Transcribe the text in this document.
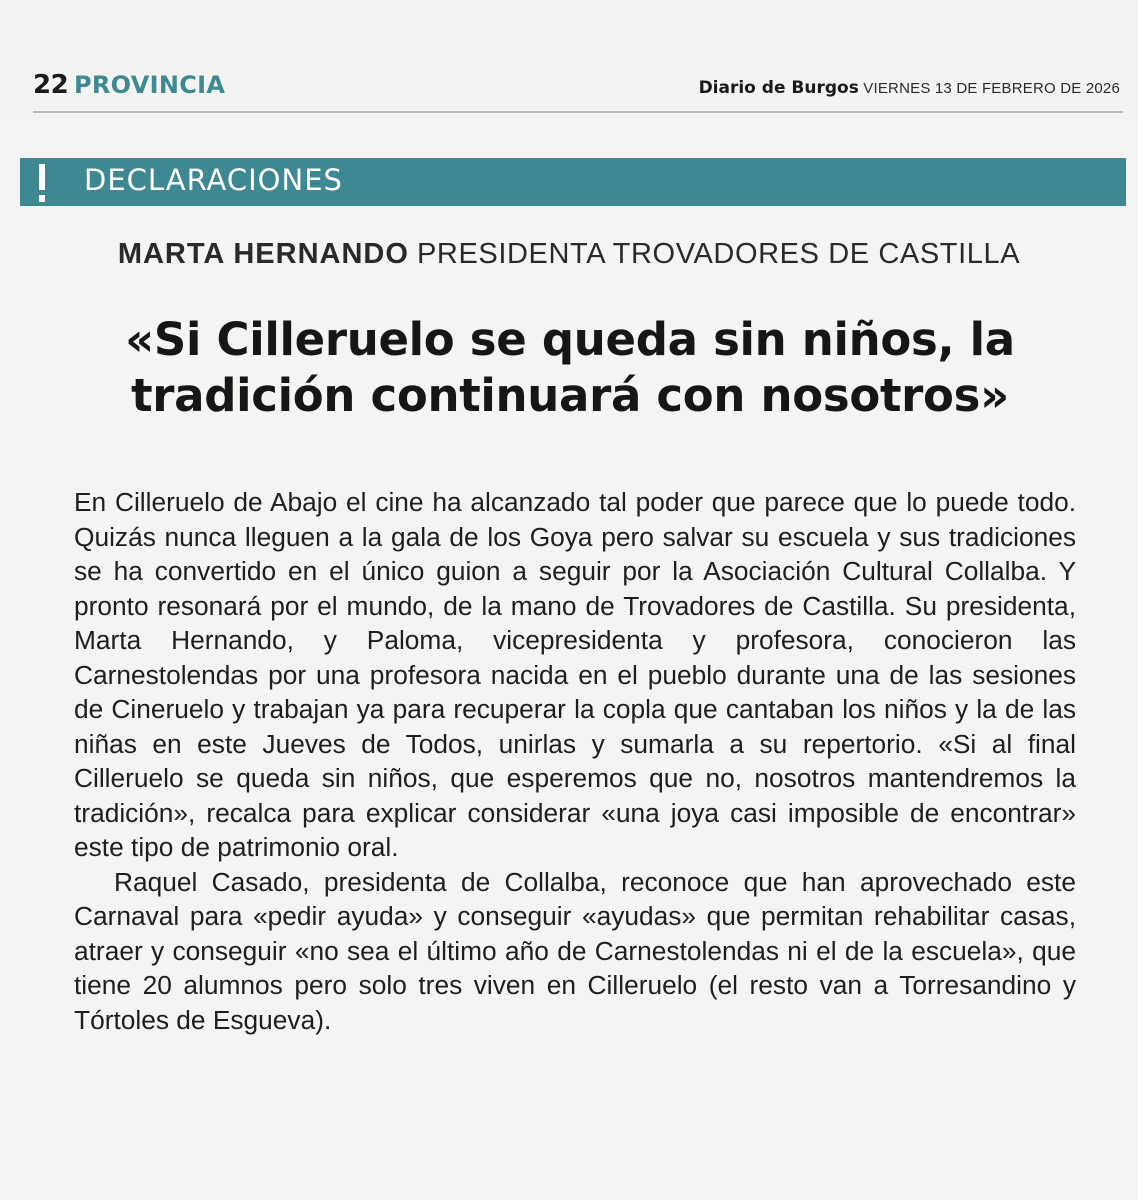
22 PROVINCIA	Diario de Burgos VIERNES 13 DE FEBRERO DE 2026
DECLARACIONES
MARTA HERNANDO PRESIDENTA TROVADORES DE CASTILLA
«Si Cilleruelo se queda sin niños, la tradición continuará con nosotros»

En Cilleruelo de Abajo el cine ha alcanzado tal poder que parece que lo puede todo. Quizás nunca lleguen a la gala de los Goya pero salvar su escuela y sus tradiciones se ha convertido en el único guion a seguir por la Asociación Cultural Collalba. Y pronto resonará por el mundo, de la mano de Trovadores de Castilla. Su presidenta, Marta Hernando, y Paloma, vicepresidenta y profesora, conocieron las Carnestolendas por una profesora nacida en el pueblo durante una de las sesiones de Cineruelo y trabajan ya para recuperar la copla que cantaban los niños y la de las niñas en este Jueves de Todos, unirlas y sumarla a su repertorio. «Si al final Cilleruelo se queda sin niños, que esperemos que no, nosotros mantendremos la tradición», recalca para explicar considerar «una joya casi imposible de encontrar» este tipo de patrimonio oral.

Raquel Casado, presidenta de Collalba, reconoce que han aprovechado este Carnaval para «pedir ayuda» y conseguir «ayudas» que permitan rehabilitar casas, atraer y conseguir «no sea el último año de Carnestolendas ni el de la escuela», que tiene 20 alumnos pero solo tres viven en Cilleruelo (el resto van a Torresandino y Tórtoles de Esgueva).
